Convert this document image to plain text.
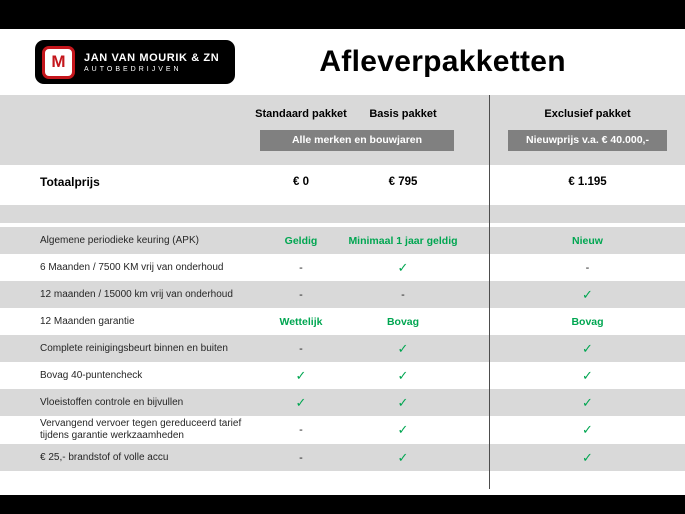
M	JAN VAN MOURIK & ZN
AUTOBEDRIJVEN	Afleverpakketten
Standaard pakket	Basis pakket	Exclusief pakket
Alle merken en bouwjaren	Nieuwprijs v.a. € 40.000,-
Totaalprijs	€ 0	€ 795	€ 1.195
Algemene periodieke keuring (APK)	Geldig	Minimaal 1 jaar geldig	Nieuw
6 Maanden / 7500 KM vrij van onderhoud	-	✓	-
12 maanden / 15000 km vrij van onderhoud	-	-	✓
12 Maanden garantie	Wettelijk	Bovag	Bovag
Complete reinigingsbeurt binnen en buiten	-	✓	✓
Bovag 40-puntencheck	✓	✓	✓
Vloeistoffen controle en bijvullen	✓	✓	✓
Vervangend vervoer tegen gereduceerd tarief tijdens garantie werkzaamheden	-	✓	✓
€ 25,- brandstof of volle accu	-	✓	✓
